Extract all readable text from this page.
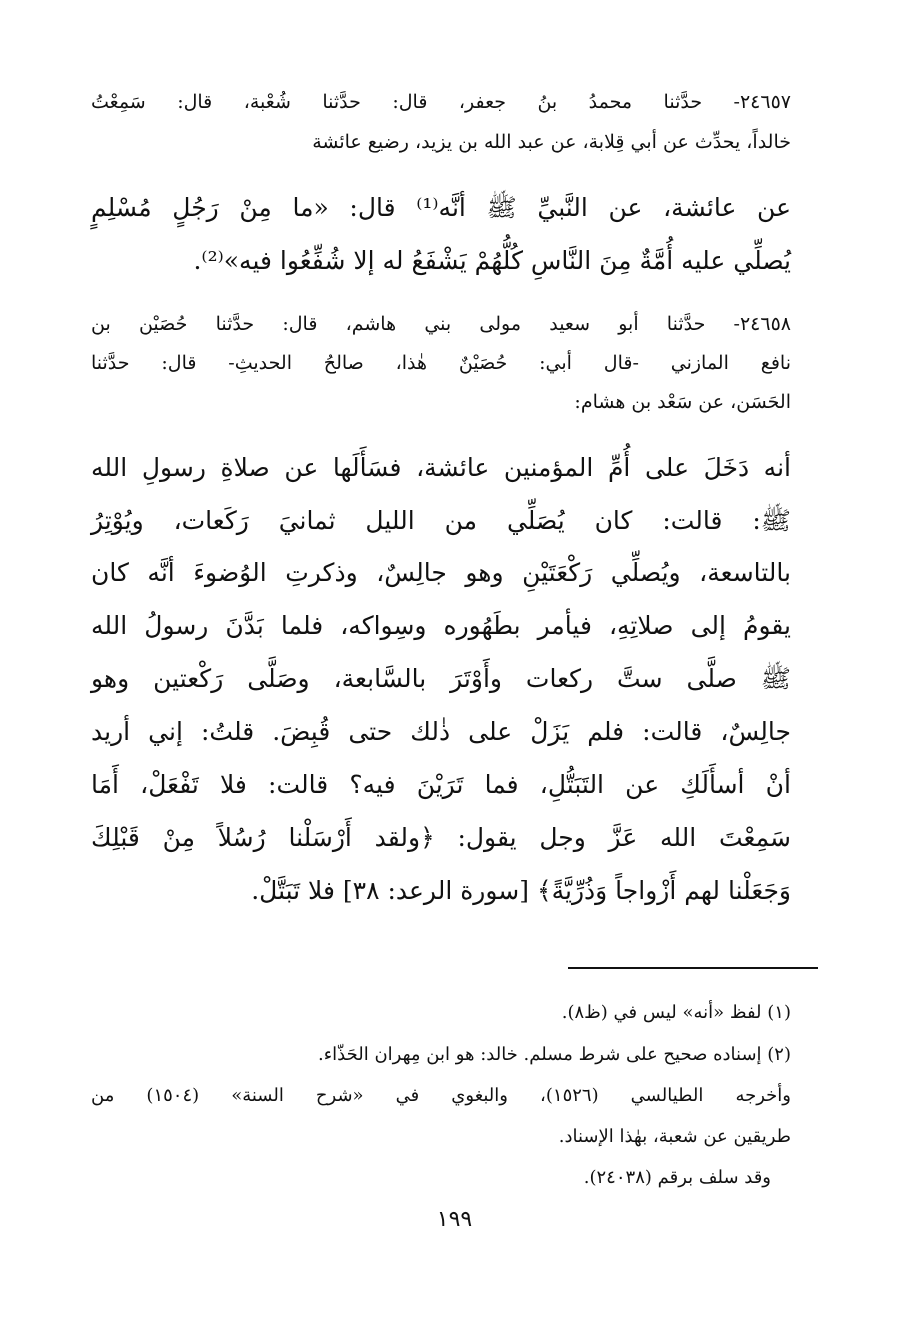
٢٤٦٥٧- حدَّثنا محمدُ بنُ جعفر، قال: حدَّثنا شُعْبة، قال: سَمِعْتُ

خالداً، يحدِّث عن أبي قِلابة، عن عبد الله بن يزيد، رضيع عائشة

عن عائشة، عن النَّبيِّ ﷺ أنَّه⁽¹⁾ قال: «ما مِنْ رَجُلٍ مُسْلِمٍ

يُصلِّي عليه أُمَّةٌ مِنَ النَّاسِ كُلُّهُمْ يَشْفَعُ له إلا شُفِّعُوا فيه»⁽²⁾.

٢٤٦٥٨- حدَّثنا أبو سعيد مولى بني هاشم، قال: حدَّثنا حُصَيْن بن

نافع المازني -قال أبي: حُصَيْنٌ هٰذا، صالحُ الحديثِ- قال: حدَّثنا

الحَسَن، عن سَعْد بن هشام:

أنه دَخَلَ على أُمِّ المؤمنين عائشة، فسَأَلَها عن صلاةِ رسولِ الله

ﷺ: قالت: كان يُصَلِّي من الليل ثمانيَ رَكَعات، ويُوْتِرُ

بالتاسعة، ويُصلِّي رَكْعَتَيْنِ وهو جالِسٌ، وذكرتِ الوُضوءَ أنَّه كان

يقومُ إلى صلاتِهِ، فيأمر بطَهُوره وسِواكه، فلما بَدَّنَ رسولُ الله

ﷺ صلَّى ستَّ ركعات وأَوْتَرَ بالسَّابعة، وصَلَّى رَكْعتين وهو

جالِسٌ، قالت: فلم يَزَلْ على ذٰلك حتى قُبِضَ. قلتُ: إني أريد

أنْ أسأَلَكِ عن التَبَتُّلِ، فما تَرَيْنَ فيه؟ قالت: فلا تَفْعَلْ، أَمَا

سَمِعْتَ الله عَزَّ وجل يقول: ﴿ولقد أَرْسَلْنا رُسُلاً مِنْ قَبْلِكَ

وَجَعَلْنا لهم أَزْواجاً وَذُرِّيَّةً﴾ [سورة الرعد: ٣٨] فلا تَبَتَّلْ.

(١) لفظ «أنه» ليس في (ظ٨).

(٢) إسناده صحيح على شرط مسلم. خالد: هو ابن مِهران الحَذّاء.

وأخرجه الطيالسي (١٥٢٦)، والبغوي في «شرح السنة» (١٥٠٤) من

طريقين عن شعبة، بهٰذا الإسناد.

وقد سلف برقم (٢٤٠٣٨).

١٩٩
